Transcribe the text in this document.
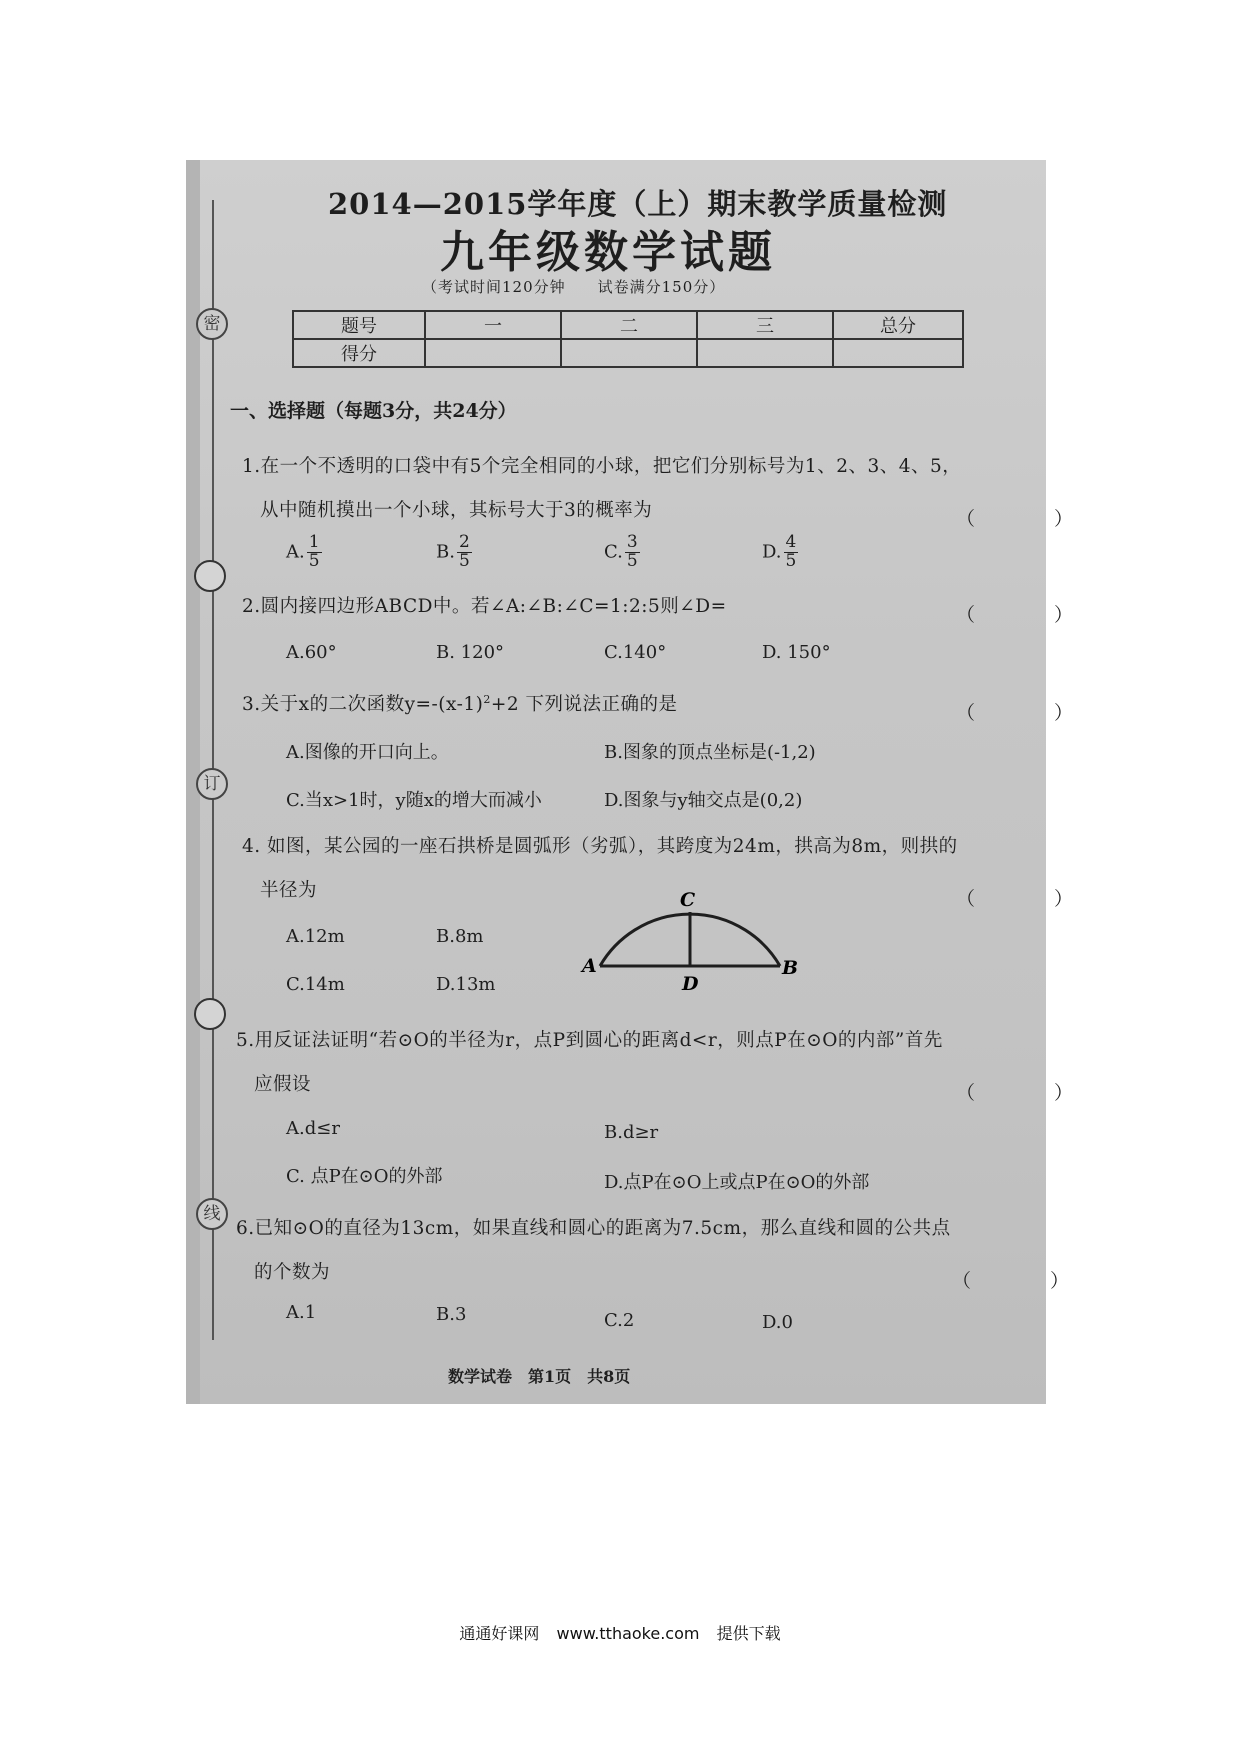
密
订
线
2014—2015学年度（上）期末教学质量检测
九年级数学试题
（考试时间120分钟　　试卷满分150分）
题号	一	二	三	总分
得分				
一、选择题（每题3分，共24分）
1.在一个不透明的口袋中有5个完全相同的小球，把它们分别标号为1、2、3、4、5，
从中随机摸出一个小球，其标号大于3的概率为	（　）
A. $\frac{1}{5}$	B. $\frac{2}{5}$	C. $\frac{3}{5}$	D. $\frac{4}{5}$
2.圆内接四边形ABCD中。若∠A:∠B:∠C=1:2:5则∠D=	（　）
A.60°	B. 120°	C.140°	D. 150°
3.关于x的二次函数$y=-(x-1)^2+2$ 下列说法正确的是	（　）
A.图像的开口向上。	B.图象的顶点坐标是(-1,2)
C.当x>1时，y随x的增大而减小	D.图象与y轴交点是(0,2)
4. 如图，某公园的一座石拱桥是圆弧形（劣弧），其跨度为24m，拱高为8m，则拱的
半径为	（　）
A.12m	B.8m
C.14m	D.13m
C
A	B
D
5.用反证法证明“若⊙O的半径为r，点P到圆心的距离d<r，则点P在⊙O的内部”首先
应假设	（　）
A.d≤r	B.d≥r
C. 点P在⊙O的外部	D.点P在⊙O上或点P在⊙O的外部
6.已知⊙O的直径为13cm，如果直线和圆心的距离为7.5cm，那么直线和圆的公共点
的个数为	（　）
A.1	B.3	C.2	D.0
数学试卷　第1页　共8页
通通好课网 www.tthaoke.com 提供下载
